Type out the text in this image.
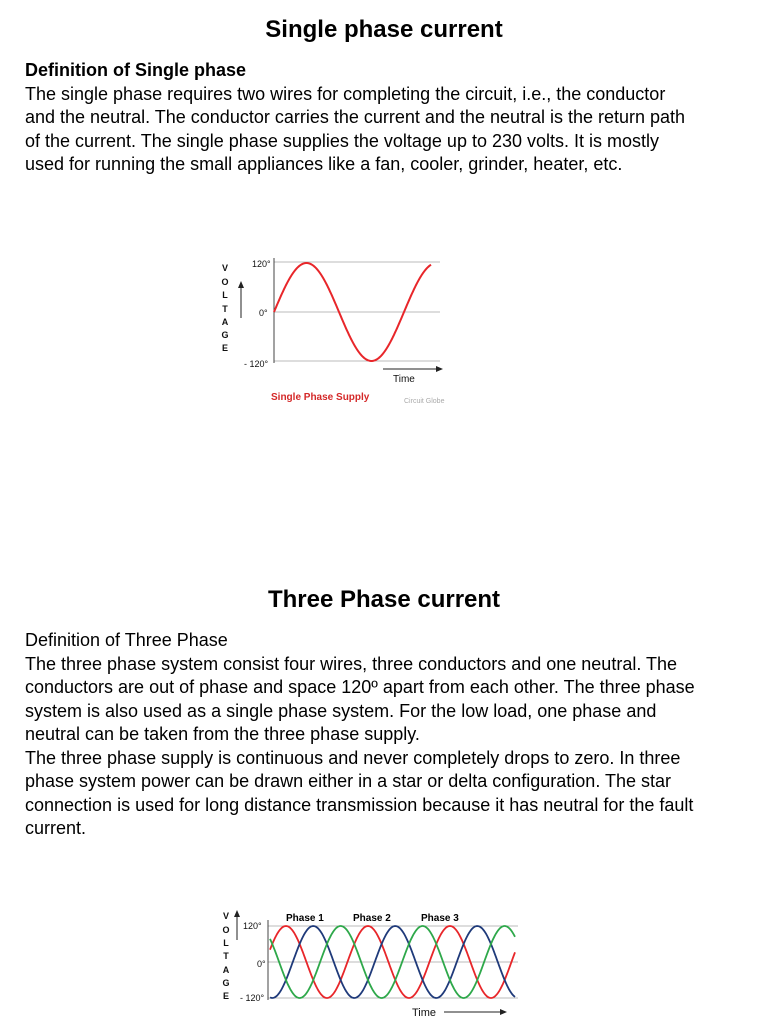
Single phase current
Definition of Single phase
The single phase requires two wires for completing the circuit, i.e., the conductor
and the neutral. The conductor carries the current and the neutral is the return path
of the current. The single phase supplies the voltage up to 230 volts. It is mostly
used for running the small appliances like a fan, cooler, grinder, heater, etc.
V
O
L
T
A
G
E
120°
0°
- 120°
Time
Single Phase Supply	Circuit Globe
Three Phase current
Definition of Three Phase
The three phase system consist four wires, three conductors and one neutral. The
conductors are out of phase and space 120º apart from each other. The three phase
system is also used as a single phase system. For the low load, one phase and
neutral can be taken from the three phase supply.
The three phase supply is continuous and never completely drops to zero. In three
phase system power can be drawn either in a star or delta configuration. The star
connection is used for long distance transmission because it has neutral for the fault
current.
V
O
L
T
A
G
E
120°
0°
- 120°
Phase 1	Phase 2	Phase 3
Time
